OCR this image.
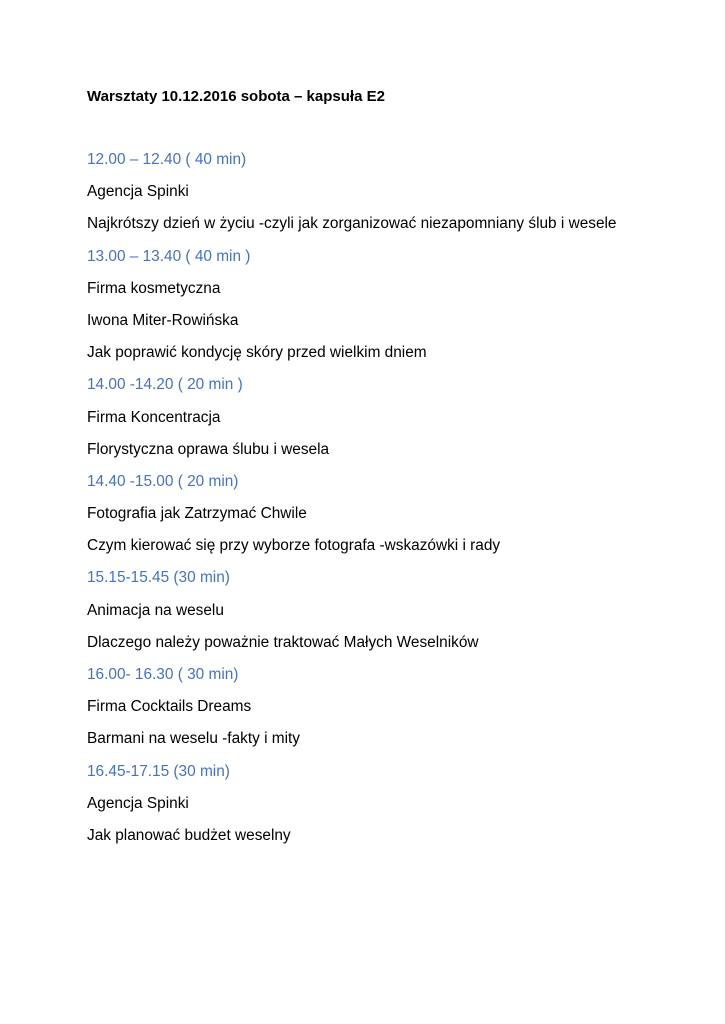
Warsztaty 10.12.2016 sobota – kapsuła E2
12.00 – 12.40 ( 40 min)
Agencja Spinki
Najkrótszy dzień w życiu -czyli jak zorganizować niezapomniany ślub i wesele
13.00 – 13.40 ( 40 min )
Firma kosmetyczna
Iwona Miter-Rowińska
Jak poprawić kondycję skóry przed wielkim dniem
14.00 -14.20 ( 20 min )
Firma Koncentracja
Florystyczna oprawa ślubu i wesela
14.40 -15.00 ( 20 min)
Fotografia jak Zatrzymać Chwile
Czym kierować się przy wyborze fotografa -wskazówki i rady
15.15-15.45 (30 min)
Animacja na weselu
Dlaczego należy poważnie traktować Małych Weselników
16.00- 16.30 ( 30 min)
Firma Cocktails Dreams
Barmani na weselu -fakty i mity
16.45-17.15 (30 min)
Agencja Spinki
Jak planować budżet weselny
